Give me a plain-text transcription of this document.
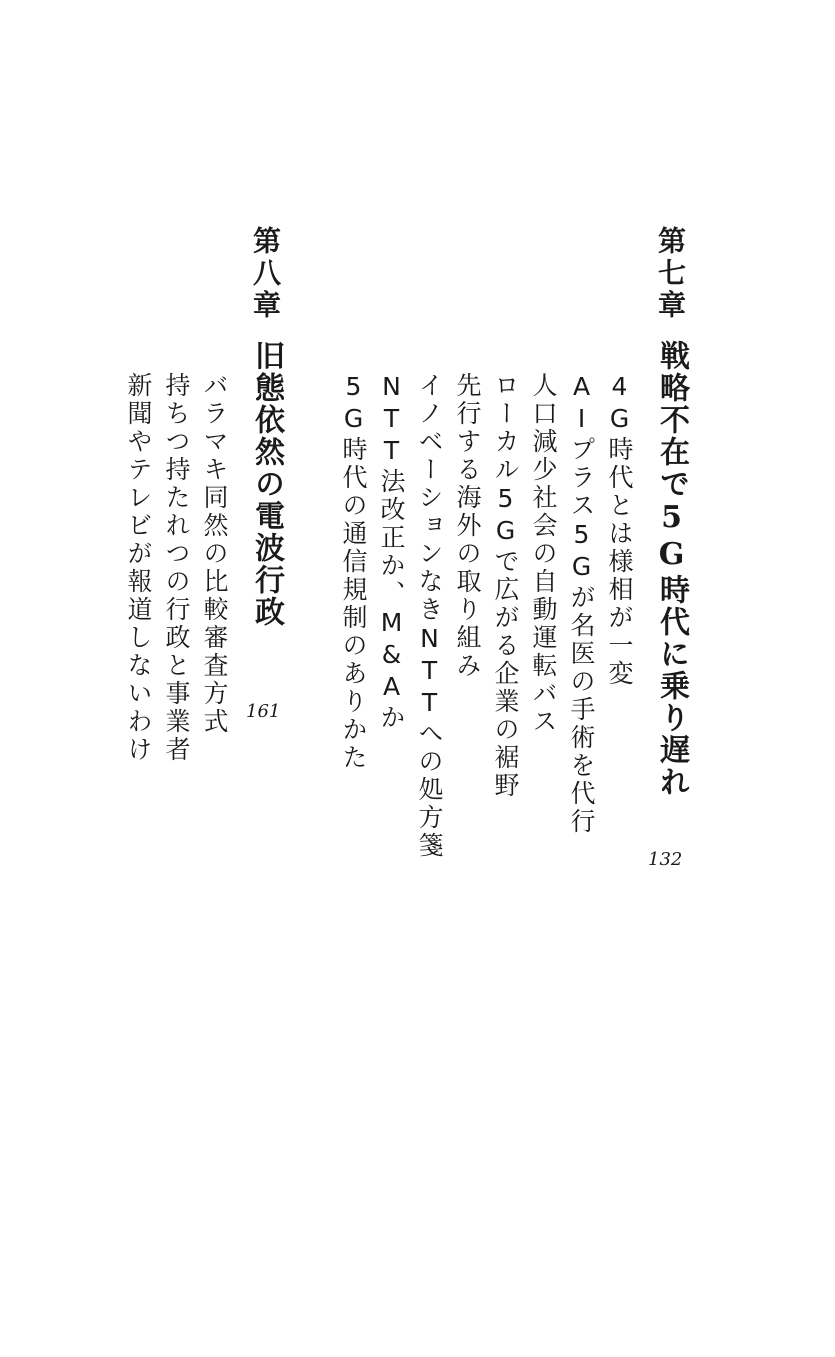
第七章
戦略不在で5G時代に乗り遅れ
132
4G時代とは様相が一変
AIプラス5Gが名医の手術を代行
人口減少社会の自動運転バス
ローカル5Gで広がる企業の裾野
先行する海外の取り組み
イノベーションなきNTTへの処方箋
NTT法改正か、M&Aか
5G時代の通信規制のありかた
第八章
旧態依然の電波行政
161
バラマキ同然の比較審査方式
持ちつ持たれつの行政と事業者
新聞やテレビが報道しないわけ
